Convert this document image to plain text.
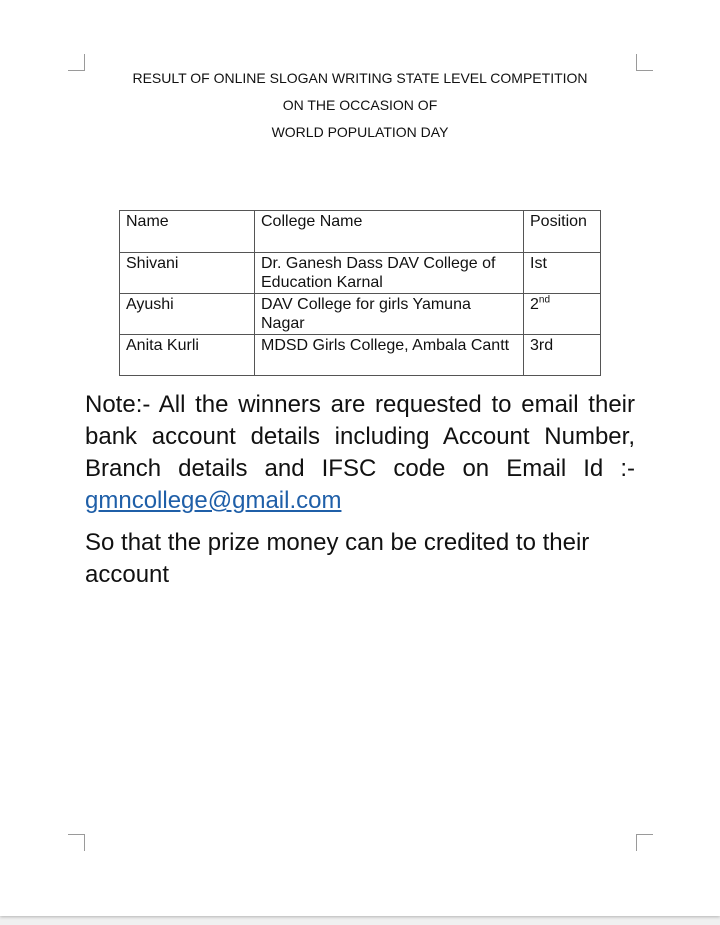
RESULT OF ONLINE SLOGAN WRITING STATE LEVEL COMPETITION
ON THE OCCASION OF
WORLD POPULATION DAY
Name	College Name	Position
Shivani	Dr. Ganesh Dass DAV College of Education Karnal	Ist
Ayushi	DAV College for girls Yamuna Nagar	2nd
Anita Kurli	MDSD Girls College, Ambala Cantt	3rd
Note:- All the winners are requested to email their bank account details including Account Number, Branch details and IFSC code on Email Id :- gmncollege@gmail.com
So that the prize money can be credited to their account
